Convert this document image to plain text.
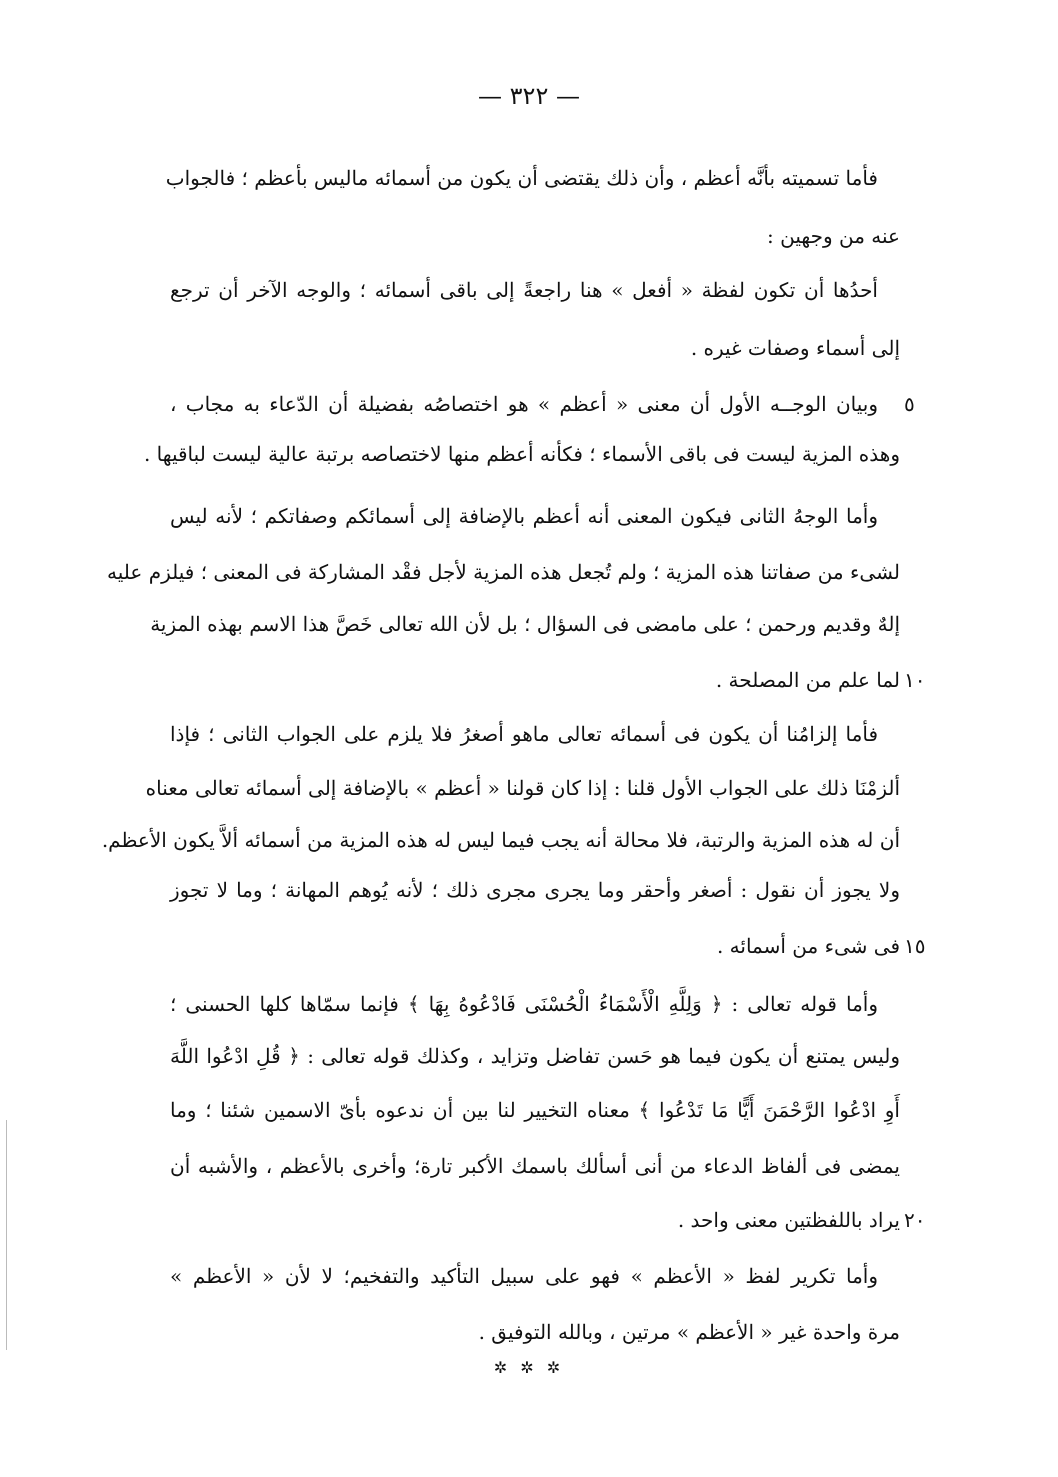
— ٣٢٢ —
فأما تسميته بأنَّه أعظم ، وأن ذلك يقتضى أن يكون من أسمائه ماليس بأعظم ؛ فالجواب
عنه من وجهين :
أحدُها أن تكون لفظة « أفعل » هنا راجعةً إلى باقى أسمائه ؛ والوجه الآخر أن ترجع
إلى أسماء وصفات غيره .
وبيان الوجــه الأول أن معنى « أعظم » هو اختصاصُه بفضيلة أن الدّعاء به مجاب ،
وهذه المزية ليست فى باقى الأسماء ؛ فكأنه أعظم منها لاختصاصه برتبة عالية ليست لباقيها .
وأما الوجهُ الثانى فيكون المعنى أنه أعظم بالإضافة إلى أسمائكم وصفاتكم ؛ لأنه ليس
لشىء من صفاتنا هذه المزية ؛ ولم تُجعل هذه المزية لأجل فقْد المشاركة فى المعنى ؛ فيلزم عليه
إلهٌ وقديم ورحمن ؛ على مامضى فى السؤال ؛ بل لأن الله تعالى خَصَّ هذا الاسم بهذه المزية
لما علم من المصلحة .
فأما إلزامُنا أن يكون فى أسمائه تعالى ماهو أصغرُ فلا يلزم على الجواب الثانى ؛ فإذا
ألزمْنَا ذلك على الجواب الأول قلنا : إذا كان قولنا « أعظم » بالإضافة إلى أسمائه تعالى معناه
أن له هذه المزية والرتبة، فلا محالة أنه يجب فيما ليس له هذه المزية من أسمائه ألاَّ يكون الأعظم.
ولا يجوز أن نقول : أصغر وأحقر وما يجرى مجرى ذلك ؛ لأنه يُوهم المهانة ؛ وما لا تجوز
فى شىء من أسمائه .
وأما قوله تعالى : ﴿ وَلِلَّهِ الْأَسْمَاءُ الْحُسْنَى فَادْعُوهُ بِهَا ﴾ فإنما سمّاها كلها الحسنى ؛
وليس يمتنع أن يكون فيما هو حَسن تفاضل وتزايد ، وكذلك قوله تعالى : ﴿ قُلِ ادْعُوا اللَّهَ
أَوِ ادْعُوا الرَّحْمَنَ أَيًّا مَا تَدْعُوا ﴾ معناه التخيير لنا بين أن ندعوه بأىّ الاسمين شئنا ؛ وما
يمضى فى ألفاظ الدعاء من أنى أسألك باسمك الأكبر تارة؛ وأخرى بالأعظم ، والأشبه أن
يراد باللفظتين معنى واحد .
وأما تكرير لفظ « الأعظم » فهو على سبيل التأكيد والتفخيم؛ لا لأن « الأعظم »
مرة واحدة غير « الأعظم » مرتين ، وبالله التوفيق .
٥
١٠
١٥
٢٠
✲ ✲ ✲
